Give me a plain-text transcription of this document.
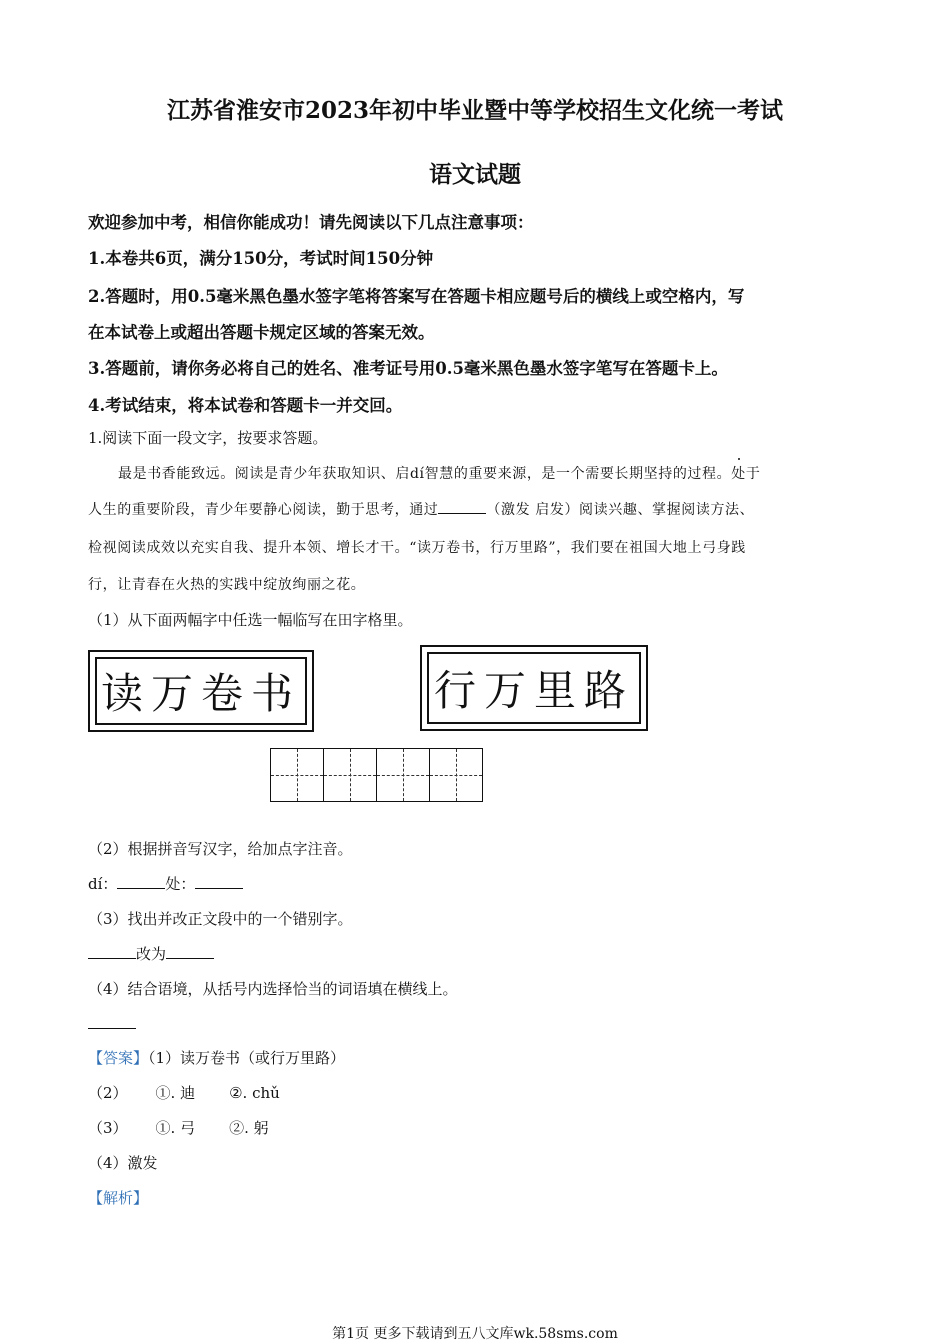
江苏省淮安市2023年初中毕业暨中等学校招生文化统一考试
语文试题
欢迎参加中考，相信你能成功！请先阅读以下几点注意事项：
1.本卷共6页，满分150分，考试时间150分钟
2.答题时，用0.5毫米黑色墨水签字笔将答案写在答题卡相应题号后的横线上或空格内，写
在本试卷上或超出答题卡规定区域的答案无效。
3.答题前，请你务必将自己的姓名、准考证号用0.5毫米黑色墨水签字笔写在答题卡上。
4.考试结束，将本试卷和答题卡一并交回。
1.阅读下面一段文字，按要求答题。
最是书香能致远。阅读是青少年获取知识、启dí智慧的重要来源，是一个需要长期坚持的过程。处于
人生的重要阶段，青少年要静心阅读，勤于思考，通过	（激发 启发）阅读兴趣、掌握阅读方法、
检视阅读成效以充实自我、提升本领、增长才干。“读万卷书，行万里路”，我们要在祖国大地上弓身践
行，让青春在火热的实践中绽放绚丽之花。
（1）从下面两幅字中任选一幅临写在田字格里。
读万卷书	行万里路
（2）根据拼音写汉字，给加点字注音。
dí：	处：
（3）找出并改正文段中的一个错别字。
改为
（4）结合语境，从括号内选择恰当的词语填在横线上。
【答案】（1）读万卷书（或行万里路）
（2） ①. 迪 ②. chǔ
（3） ①. 弓 ②. 躬
（4）激发
【解析】
第1页 更多下载请到五八文库wk.58sms.com
